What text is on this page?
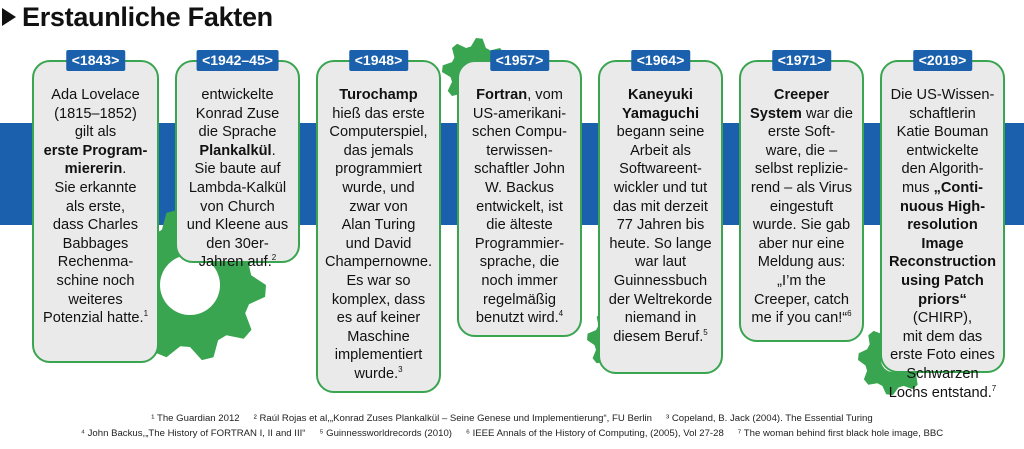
Erstaunliche Fakten
<1843>
Ada Lovelace
(1815–1852)
gilt als
erste Program-
miererin.
Sie erkannte
als erste,
dass Charles
Babbages
Rechenma-
schine noch
weiteres
Potenzial hatte.$^1$
<1942–45>
entwickelte
Konrad Zuse
die Sprache
Plankalkül.
Sie baute auf
Lambda-Kalkül
von Church
und Kleene aus
den 30er-
Jahren auf.$^2$
<1948>
Turochamp
hieß das erste
Computerspiel,
das jemals
programmiert
wurde, und
zwar von
Alan Turing
und David
Champernowne.
Es war so
komplex, dass
es auf keiner
Maschine
implementiert
wurde.$^3$
<1957>
Fortran, vom
US-amerikani-
schen Compu-
terwissen-
schaftler John
W. Backus
entwickelt, ist
die älteste
Programmier-
sprache, die
noch immer
regelmäßig
benutzt wird.$^4$
<1964>
Kaneyuki
Yamaguchi
begann seine
Arbeit als
Softwareent-
wickler und tut
das mit derzeit
77 Jahren bis
heute. So lange
war laut
Guinnessbuch
der Weltrekorde
niemand in
diesem Beruf.$^5$
<1971>
Creeper
System war die
erste Soft-
ware, die –
selbst replizie-
rend – als Virus
eingestuft
wurde. Sie gab
aber nur eine
Meldung aus:
„I’m the
Creeper, catch
me if you can!“$^6$
<2019>
Die US-Wissen-
schaftlerin
Katie Bouman
entwickelte
den Algorith-
mus „Conti-
nuous High-
resolution
Image
Reconstruction
using Patch
priors“ (CHIRP),
mit dem das
erste Foto eines
Schwarzen
Lochs entstand.$^7$
¹ The Guardian 2012 ² Raúl Rojas et al,„Konrad Zuses Plankalkül – Seine Genese und Implementierung“, FU Berlin ³ Copeland, B. Jack (2004). The Essential Turing
⁴ John Backus,„The History of FORTRAN I, II and III“ ⁵ Guinnessworldrecords (2010) ⁶ IEEE Annals of the History of Computing, (2005), Vol 27-28 ⁷ The woman behind first black hole image, BBC
